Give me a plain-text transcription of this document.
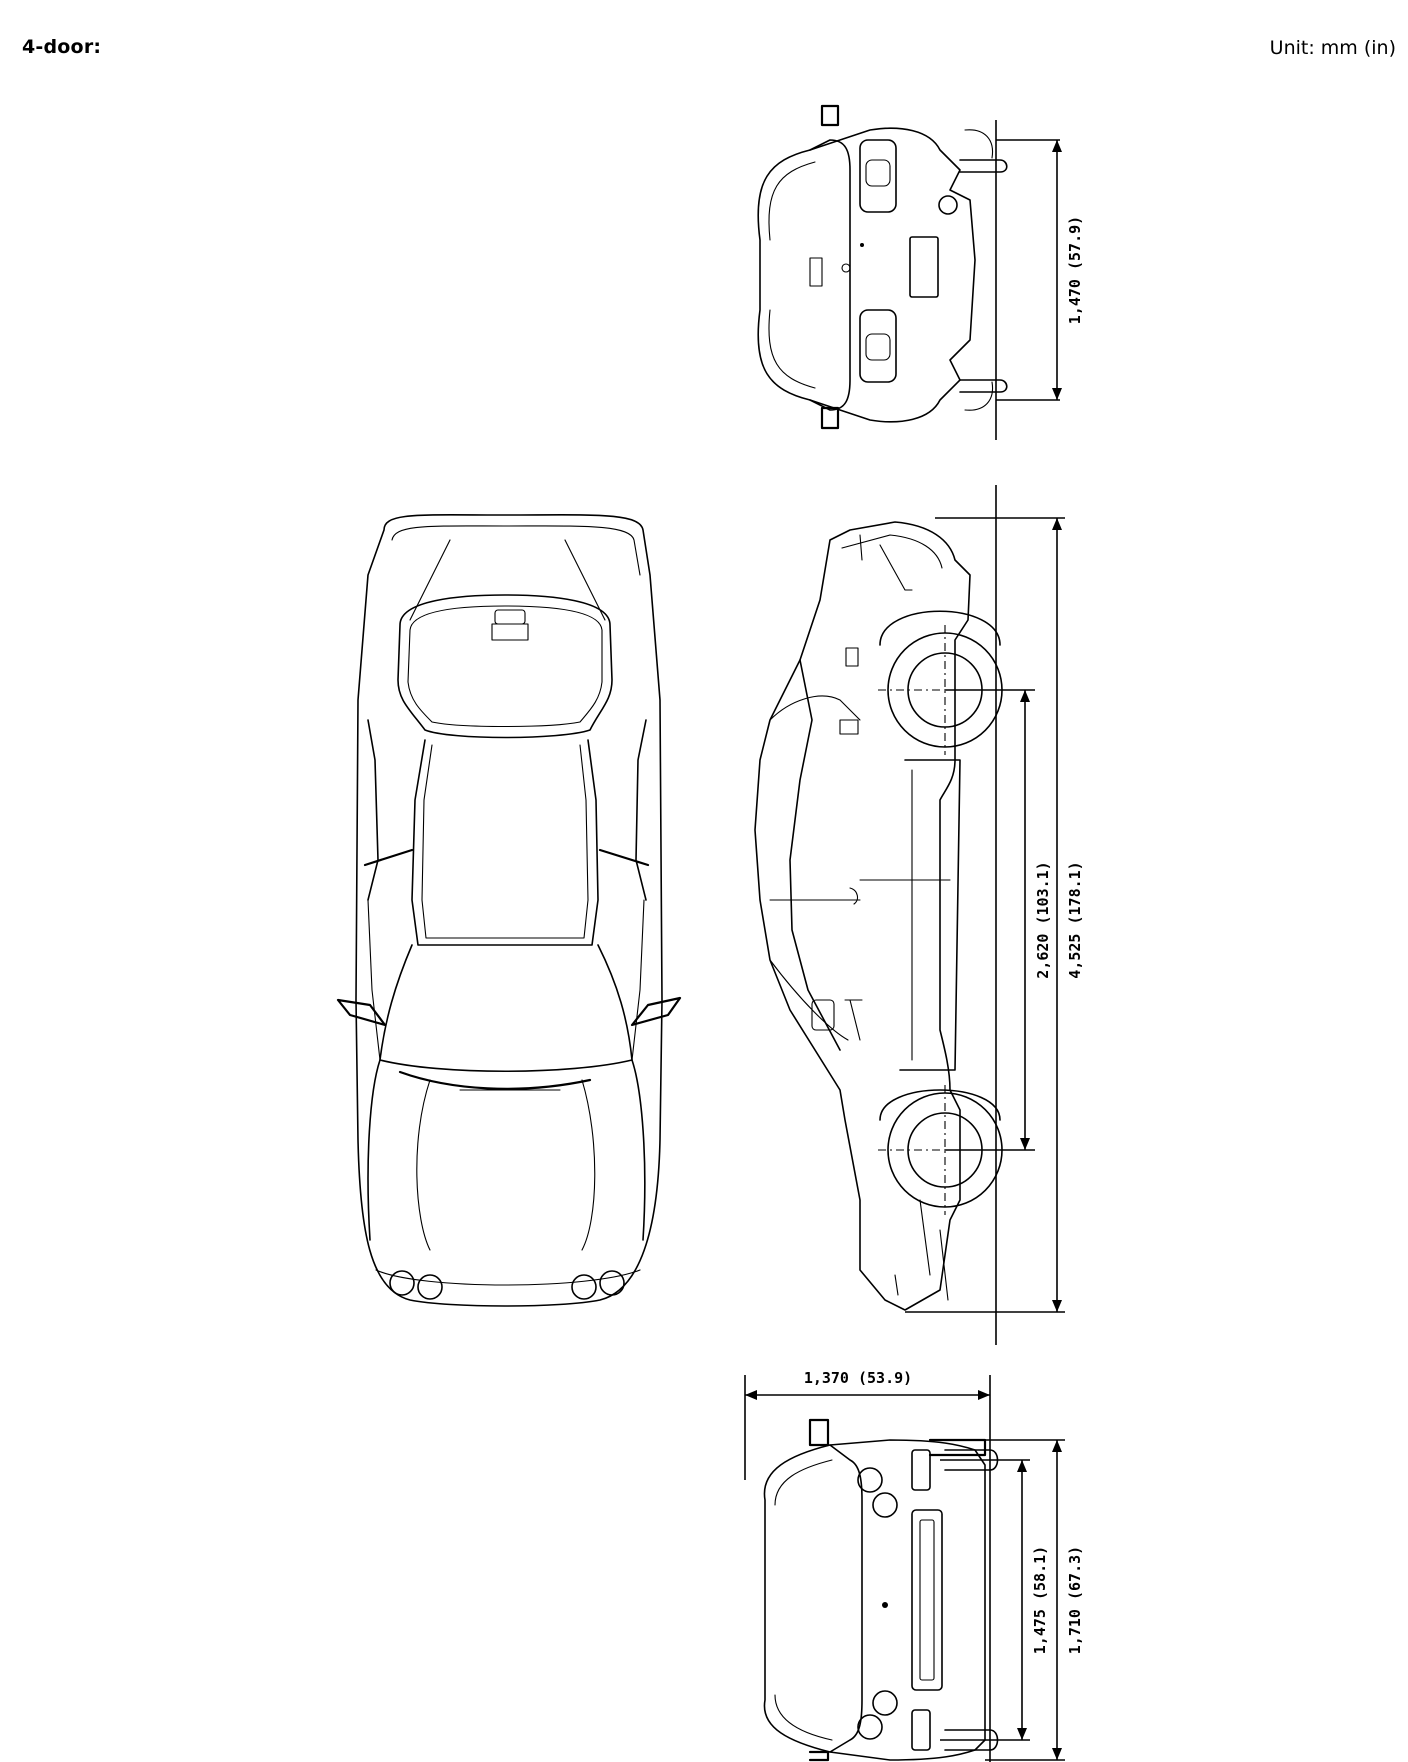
4-door:	Unit: mm (in)
1,470 (57.9)
2,620 (103.1) 4,525 (178.1)
1,370 (53.9)
1,475 (58.1) 1,710 (67.3)
